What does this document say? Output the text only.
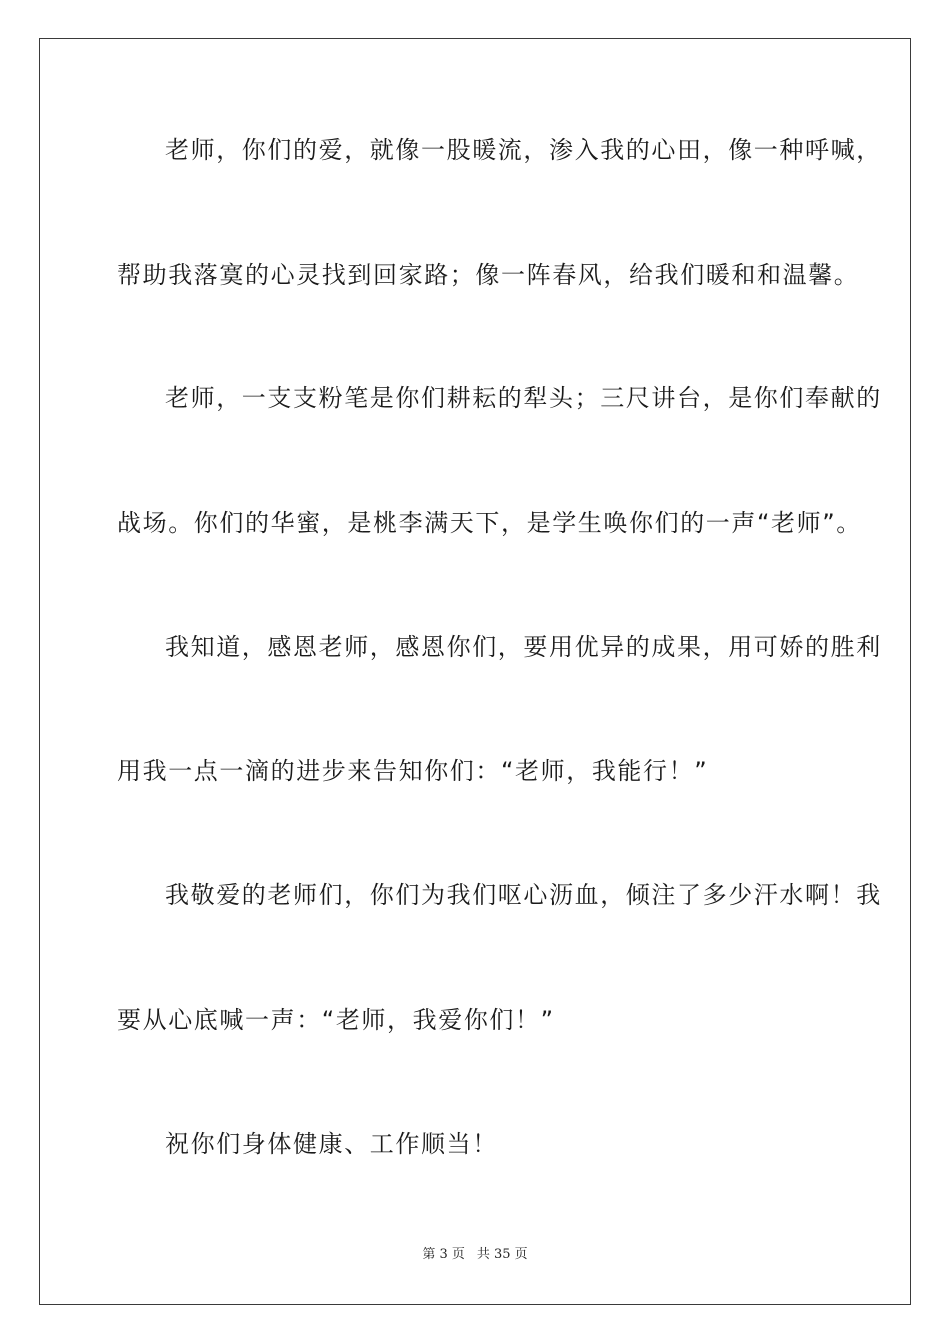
老师，你们的爱，就像一股暖流，渗入我的心田，像一种呼喊，
帮助我落寞的心灵找到回家路；像一阵春风，给我们暖和和温馨。
老师，一支支粉笔是你们耕耘的犁头；三尺讲台，是你们奉献的
战场。你们的华蜜，是桃李满天下，是学生唤你们的一声“老师”。
我知道，感恩老师，感恩你们，要用优异的成果，用可娇的胜利
用我一点一滴的进步来告知你们：“老师，我能行！”
我敬爱的老师们，你们为我们呕心沥血，倾注了多少汗水啊！我
要从心底喊一声：“老师，我爱你们！”
祝你们身体健康、工作顺当！
第 3 页 共 35 页
